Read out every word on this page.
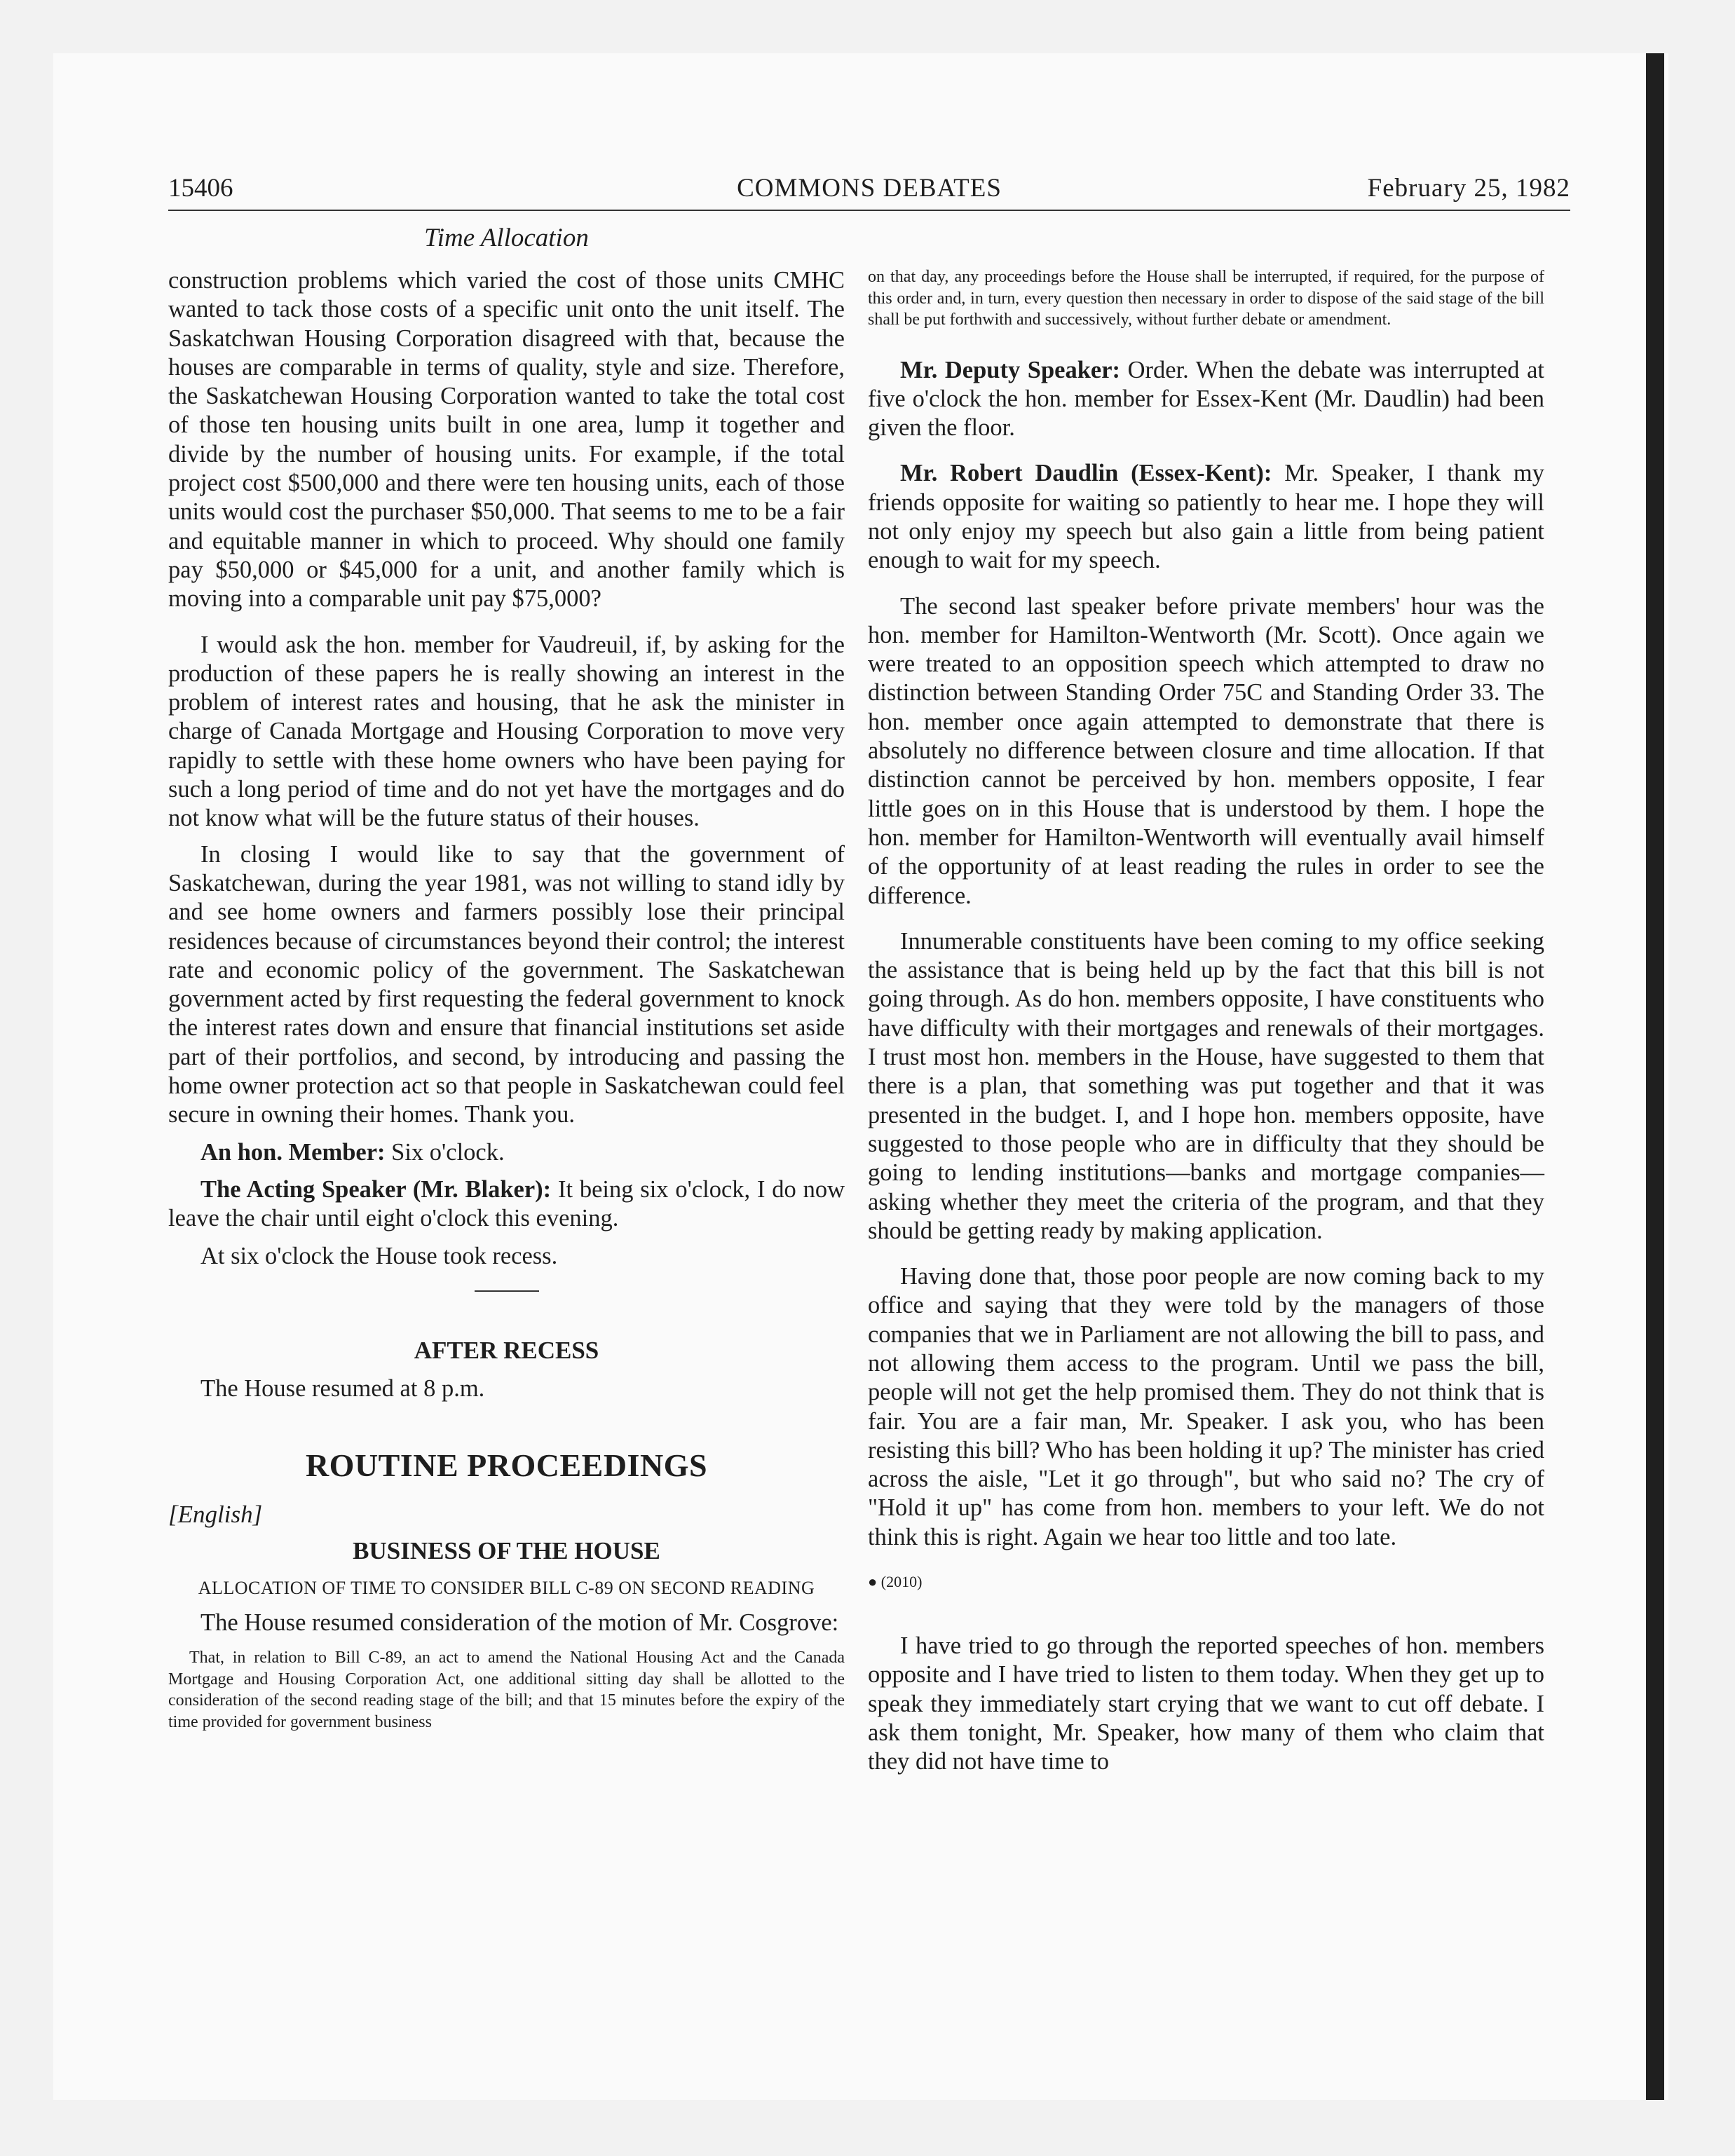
15406	COMMONS DEBATES	February 25, 1982
Time Allocation

construction problems which varied the cost of those units CMHC wanted to tack those costs of a specific unit onto the unit itself. The Saskatchwan Housing Corporation disagreed with that, because the houses are comparable in terms of quality, style and size. Therefore, the Saskatchewan Housing Corporation wanted to take the total cost of those ten housing units built in one area, lump it together and divide by the number of housing units. For example, if the total project cost $500,000 and there were ten housing units, each of those units would cost the purchaser $50,000. That seems to me to be a fair and equitable manner in which to proceed. Why should one family pay $50,000 or $45,000 for a unit, and another family which is moving into a comparable unit pay $75,000?

I would ask the hon. member for Vaudreuil, if, by asking for the production of these papers he is really showing an interest in the problem of interest rates and housing, that he ask the minister in charge of Canada Mortgage and Housing Corporation to move very rapidly to settle with these home owners who have been paying for such a long period of time and do not yet have the mortgages and do not know what will be the future status of their houses.

In closing I would like to say that the government of Saskatchewan, during the year 1981, was not willing to stand idly by and see home owners and farmers possibly lose their principal residences because of circumstances beyond their control; the interest rate and economic policy of the government. The Saskatchewan government acted by first requesting the federal government to knock the interest rates down and ensure that financial institutions set aside part of their portfolios, and second, by introducing and passing the home owner protection act so that people in Saskatchewan could feel secure in owning their homes. Thank you.

An hon. Member: Six o'clock.

The Acting Speaker (Mr. Blaker): It being six o'clock, I do now leave the chair until eight o'clock this evening.

At six o'clock the House took recess.

AFTER RECESS

The House resumed at 8 p.m.

ROUTINE PROCEEDINGS

[English]

BUSINESS OF THE HOUSE

ALLOCATION OF TIME TO CONSIDER BILL C-89 ON SECOND READING

The House resumed consideration of the motion of Mr. Cosgrove:

That, in relation to Bill C-89, an act to amend the National Housing Act and the Canada Mortgage and Housing Corporation Act, one additional sitting day shall be allotted to the consideration of the second reading stage of the bill; and that 15 minutes before the expiry of the time provided for government business

on that day, any proceedings before the House shall be interrupted, if required, for the purpose of this order and, in turn, every question then necessary in order to dispose of the said stage of the bill shall be put forthwith and successively, without further debate or amendment.

Mr. Deputy Speaker: Order. When the debate was interrupted at five o'clock the hon. member for Essex-Kent (Mr. Daudlin) had been given the floor.

Mr. Robert Daudlin (Essex-Kent): Mr. Speaker, I thank my friends opposite for waiting so patiently to hear me. I hope they will not only enjoy my speech but also gain a little from being patient enough to wait for my speech.

The second last speaker before private members' hour was the hon. member for Hamilton-Wentworth (Mr. Scott). Once again we were treated to an opposition speech which attempted to draw no distinction between Standing Order 75C and Standing Order 33. The hon. member once again attempted to demonstrate that there is absolutely no difference between closure and time allocation. If that distinction cannot be perceived by hon. members opposite, I fear little goes on in this House that is understood by them. I hope the hon. member for Hamilton-Wentworth will eventually avail himself of the opportunity of at least reading the rules in order to see the difference.

Innumerable constituents have been coming to my office seeking the assistance that is being held up by the fact that this bill is not going through. As do hon. members opposite, I have constituents who have difficulty with their mortgages and renewals of their mortgages. I trust most hon. members in the House, have suggested to them that there is a plan, that something was put together and that it was presented in the budget. I, and I hope hon. members opposite, have suggested to those people who are in difficulty that they should be going to lending institutions—banks and mortgage companies—asking whether they meet the criteria of the program, and that they should be getting ready by making application.

Having done that, those poor people are now coming back to my office and saying that they were told by the managers of those companies that we in Parliament are not allowing the bill to pass, and not allowing them access to the program. Until we pass the bill, people will not get the help promised them. They do not think that is fair. You are a fair man, Mr. Speaker. I ask you, who has been resisting this bill? Who has been holding it up? The minister has cried across the aisle, "Let it go through", but who said no? The cry of "Hold it up" has come from hon. members to your left. We do not think this is right. Again we hear too little and too late.

● (2010)

I have tried to go through the reported speeches of hon. members opposite and I have tried to listen to them today. When they get up to speak they immediately start crying that we want to cut off debate. I ask them tonight, Mr. Speaker, how many of them who claim that they did not have time to
